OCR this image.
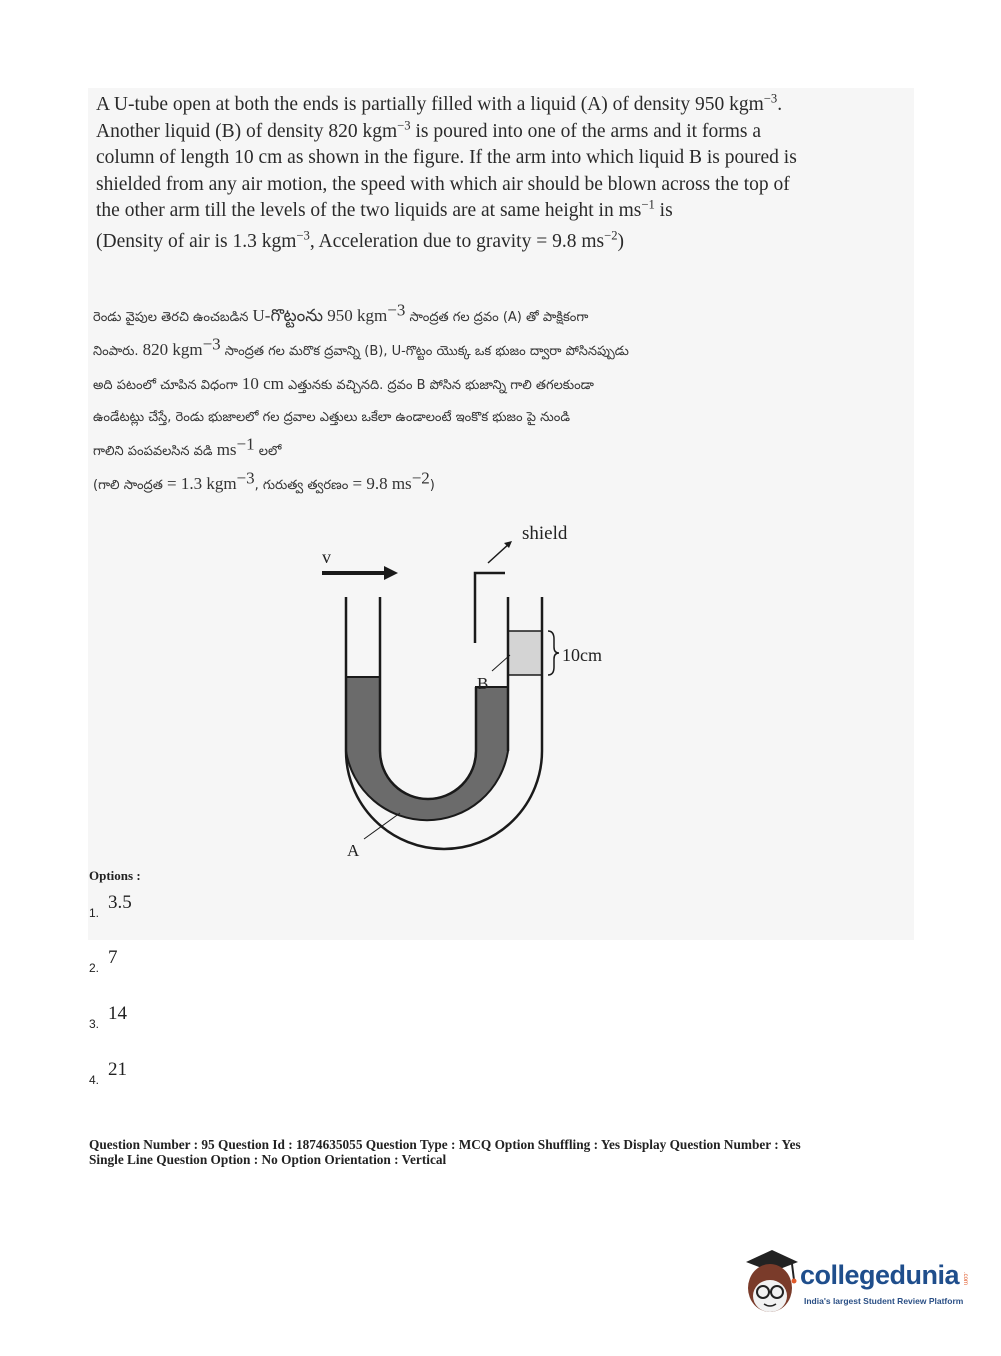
A U-tube open at both the ends is partially filled with a liquid (A) of density 950 kgm$^{-3}$.

Another liquid (B) of density 820 kgm$^{-3}$ is poured into one of the arms and it forms a

column of length 10 cm as shown in the figure. If the arm into which liquid B is poured is

shielded from any air motion, the speed with which air should be blown across the top of

the other arm till the levels of the two liquids are at same height in $ms^{-1}$ is

(Density of air is 1.3 kgm$^{-3}$, Acceleration due to gravity = 9.8 $ms^{-2}$)

రెండు వైపుల తెరచి ఉంచబడిన U-గొట్టంను 950 kgm$^{-3}$ సాంద్రత గల ద్రవం (A) తో పాక్షికంగా

నింపారు. 820 kgm$^{-3}$ సాంద్రత గల మరొక ద్రవాన్ని (B), U-గొట్టం యొక్క ఒక భుజం ద్వారా పోసినప్పుడు

అది పటంలో చూపిన విధంగా 10 cm ఎత్తునకు వచ్చినది. ద్రవం B పోసిన భుజాన్ని గాలి తగలకుండా

ఉండేటట్లు చేస్తే, రెండు భుజాలలో గల ద్రవాల ఎత్తులు ఒకేలా ఉండాలంటే ఇంకొక భుజం పై నుండి

గాలిని పంపవలసిన వడి $ms^{-1}$ లలో

(గాలి సాంద్రత = 1.3 kgm$^{-3}$, గురుత్వ త్వరణం = 9.8 $ms^{-2}$)

v
shield
10cm
B
A
Options :
1. 3.5
2. 7
3. 14
4. 21
Question Number : 95 Question Id : 1874635055 Question Type : MCQ Option Shuffling : Yes Display Question Number : Yes
Single Line Question Option : No Option Orientation : Vertical
collegedunia .com
India's largest Student Review Platform
